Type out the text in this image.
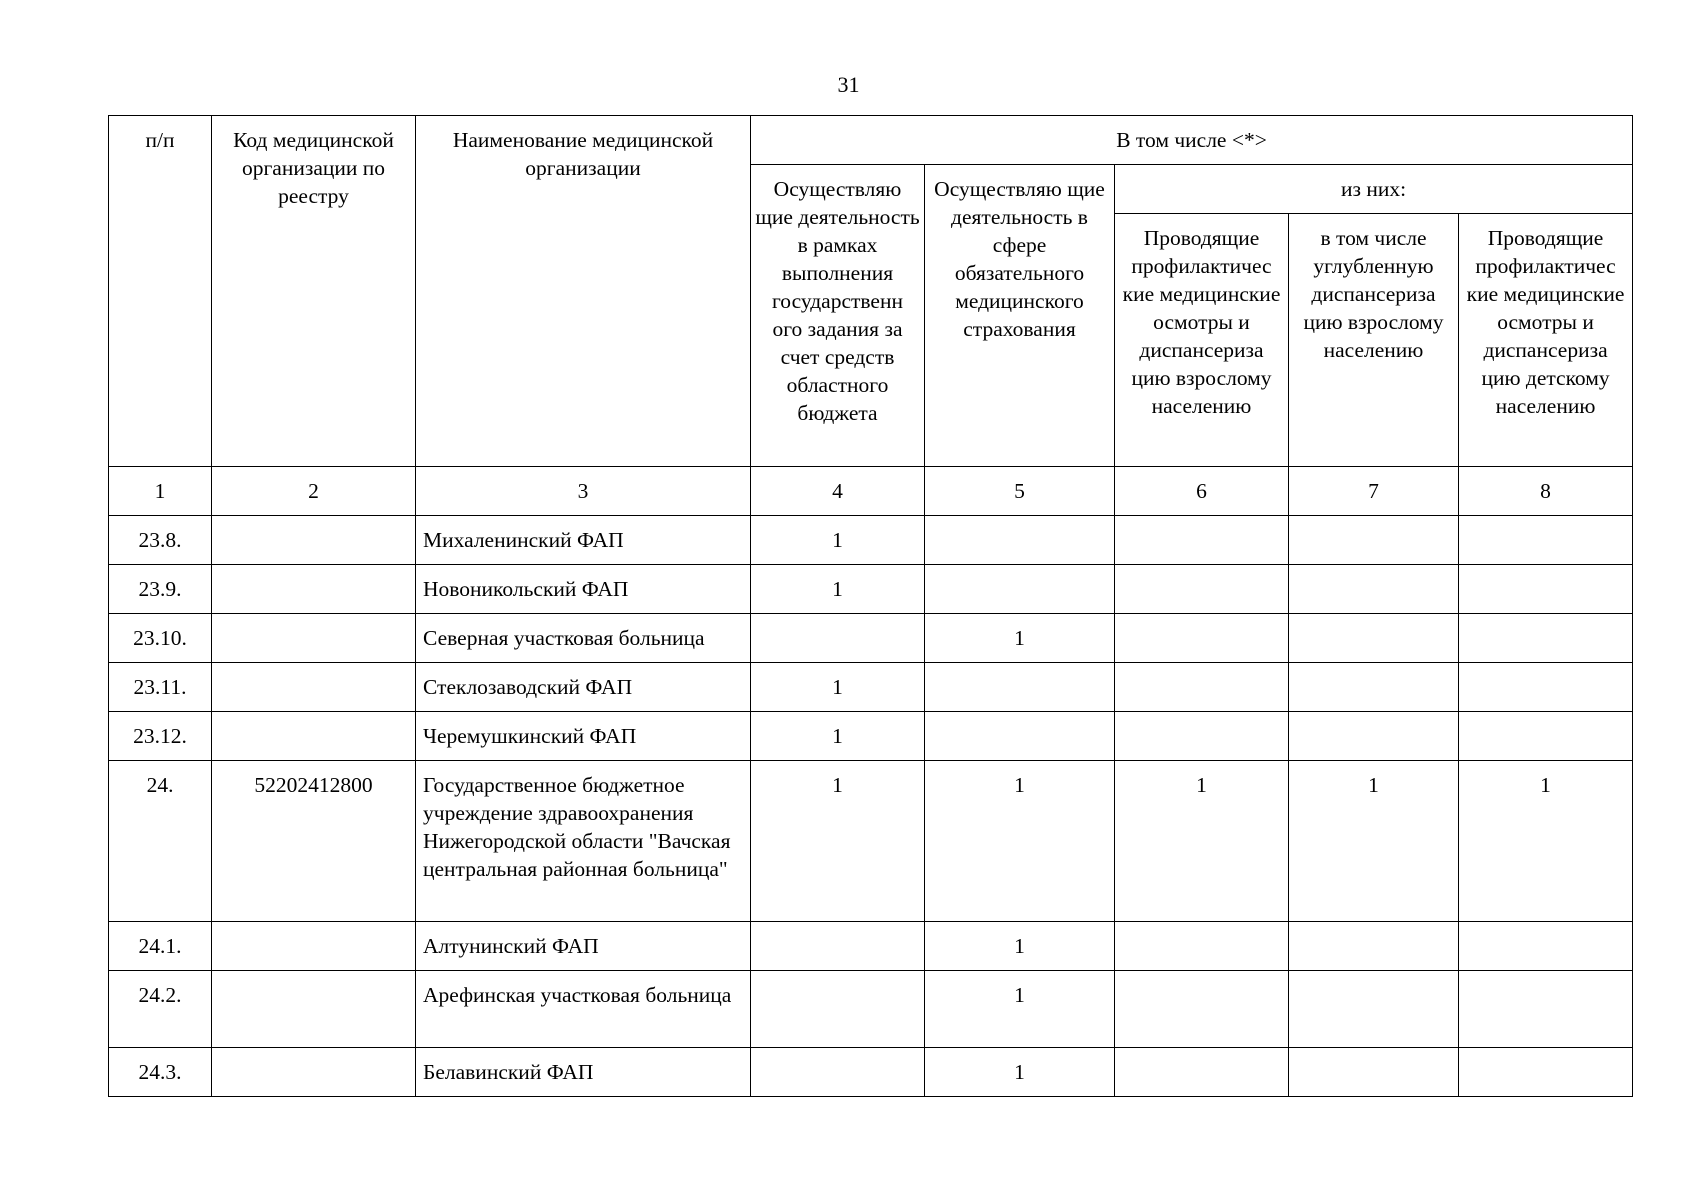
31
п/п	Код медицинской организации по реестру	Наименование медицинской организации	В том числе <*>				
			Осуществляю щие деятельность в рамках выполнения государственн ого задания за счет средств областного бюджета	Осуществляю щие деятельность в сфере обязательного медицинского страхования	из них:		
					Проводящие профилактичес кие медицинские осмотры и диспансериза цию взрослому населению	в том числе углубленную диспансериза цию взрослому населению	Проводящие профилактичес кие медицинские осмотры и диспансериза цию детскому населению
1	2	3	4	5	6	7	8
23.8.		Михаленинский ФАП	1				
23.9.		Новоникольский ФАП	1				
23.10.		Северная участковая больница		1			
23.11.		Стеклозаводский ФАП	1				
23.12.		Черемушкинский ФАП	1				
24.	52202412800	Государственное бюджетное учреждение здравоохранения Нижегородской области "Вачская центральная районная больница"	1	1	1	1	1
24.1.		Алтунинский ФАП		1			
24.2.		Арефинская участковая больница		1			
24.3.		Белавинский ФАП		1			
